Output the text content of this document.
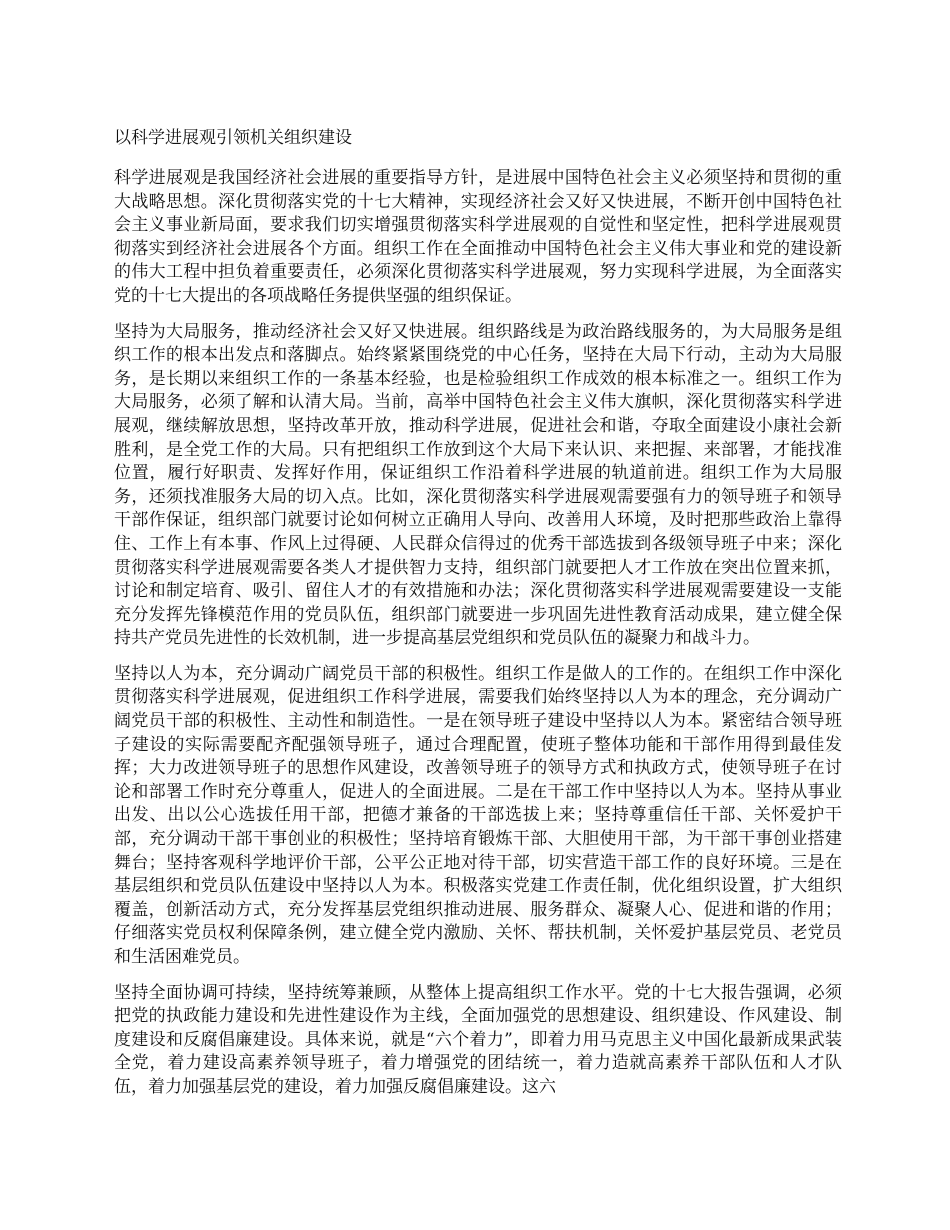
以科学进展观引领机关组织建设

科学进展观是我国经济社会进展的重要指导方针，是进展中国特色社会主义必须坚持和贯彻的重大战略思想。深化贯彻落实党的十七大精神，实现经济社会又好又快进展，不断开创中国特色社会主义事业新局面，要求我们切实增强贯彻落实科学进展观的自觉性和坚定性，把科学进展观贯彻落实到经济社会进展各个方面。组织工作在全面推动中国特色社会主义伟大事业和党的建设新的伟大工程中担负着重要责任，必须深化贯彻落实科学进展观，努力实现科学进展，为全面落实党的十七大提出的各项战略任务提供坚强的组织保证。

坚持为大局服务，推动经济社会又好又快进展。组织路线是为政治路线服务的，为大局服务是组织工作的根本出发点和落脚点。始终紧紧围绕党的中心任务，坚持在大局下行动，主动为大局服务，是长期以来组织工作的一条基本经验，也是检验组织工作成效的根本标准之一。组织工作为大局服务，必须了解和认清大局。当前，高举中国特色社会主义伟大旗帜，深化贯彻落实科学进展观，继续解放思想，坚持改革开放，推动科学进展，促进社会和谐，夺取全面建设小康社会新胜利，是全党工作的大局。只有把组织工作放到这个大局下来认识、来把握、来部署，才能找准位置，履行好职责、发挥好作用，保证组织工作沿着科学进展的轨道前进。组织工作为大局服务，还须找准服务大局的切入点。比如，深化贯彻落实科学进展观需要强有力的领导班子和领导干部作保证，组织部门就要讨论如何树立正确用人导向、改善用人环境，及时把那些政治上靠得住、工作上有本事、作风上过得硬、人民群众信得过的优秀干部选拔到各级领导班子中来；深化贯彻落实科学进展观需要各类人才提供智力支持，组织部门就要把人才工作放在突出位置来抓，讨论和制定培育、吸引、留住人才的有效措施和办法；深化贯彻落实科学进展观需要建设一支能充分发挥先锋模范作用的党员队伍，组织部门就要进一步巩固先进性教育活动成果，建立健全保持共产党员先进性的长效机制，进一步提高基层党组织和党员队伍的凝聚力和战斗力。

坚持以人为本，充分调动广阔党员干部的积极性。组织工作是做人的工作的。在组织工作中深化贯彻落实科学进展观，促进组织工作科学进展，需要我们始终坚持以人为本的理念，充分调动广阔党员干部的积极性、主动性和制造性。一是在领导班子建设中坚持以人为本。紧密结合领导班子建设的实际需要配齐配强领导班子，通过合理配置，使班子整体功能和干部作用得到最佳发挥；大力改进领导班子的思想作风建设，改善领导班子的领导方式和执政方式，使领导班子在讨论和部署工作时充分尊重人，促进人的全面进展。二是在干部工作中坚持以人为本。坚持从事业出发、出以公心选拔任用干部，把德才兼备的干部选拔上来；坚持尊重信任干部、关怀爱护干部，充分调动干部干事创业的积极性；坚持培育锻炼干部、大胆使用干部，为干部干事创业搭建舞台；坚持客观科学地评价干部，公平公正地对待干部，切实营造干部工作的良好环境。三是在基层组织和党员队伍建设中坚持以人为本。积极落实党建工作责任制，优化组织设置，扩大组织覆盖，创新活动方式，充分发挥基层党组织推动进展、服务群众、凝聚人心、促进和谐的作用；仔细落实党员权利保障条例，建立健全党内激励、关怀、帮扶机制，关怀爱护基层党员、老党员和生活困难党员。

坚持全面协调可持续，坚持统筹兼顾，从整体上提高组织工作水平。党的十七大报告强调，必须把党的执政能力建设和先进性建设作为主线，全面加强党的思想建设、组织建设、作风建设、制度建设和反腐倡廉建设。具体来说，就是“六个着力”，即着力用马克思主义中国化最新成果武装全党，着力建设高素养领导班子，着力增强党的团结统一，着力造就高素养干部队伍和人才队伍，着力加强基层党的建设，着力加强反腐倡廉建设。这六
